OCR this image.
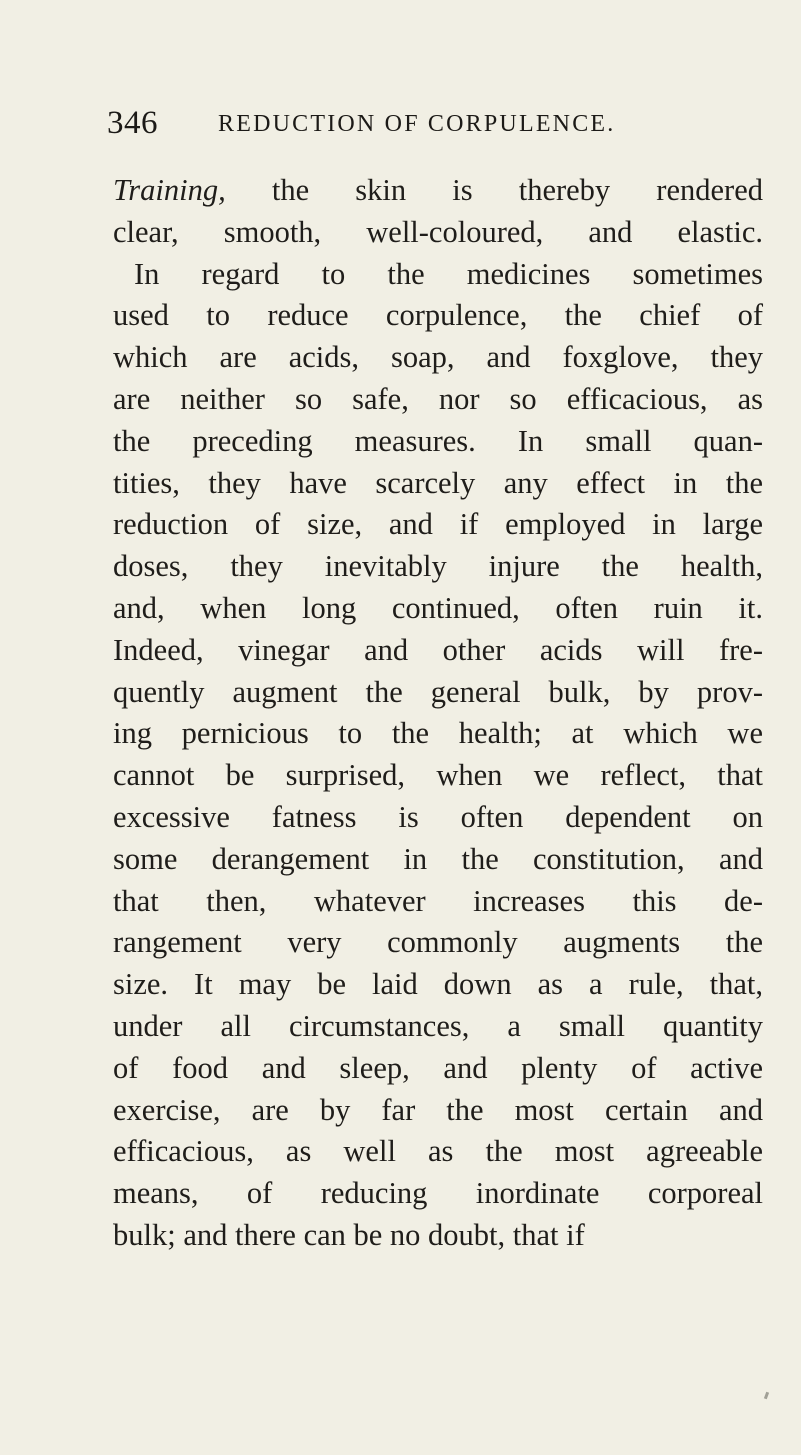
346	REDUCTION OF CORPULENCE.
Training, the skin is thereby rendered
clear, smooth, well-coloured, and elastic.
In regard to the medicines sometimes
used to reduce corpulence, the chief of
which are acids, soap, and foxglove, they
are neither so safe, nor so efficacious, as
the preceding measures. In small quan-
tities, they have scarcely any effect in the
reduction of size, and if employed in large
doses, they inevitably injure the health,
and, when long continued, often ruin it.
Indeed, vinegar and other acids will fre-
quently augment the general bulk, by prov-
ing pernicious to the health; at which we
cannot be surprised, when we reflect, that
excessive fatness is often dependent on
some derangement in the constitution, and
that then, whatever increases this de-
rangement very commonly augments the
size. It may be laid down as a rule, that,
under all circumstances, a small quantity
of food and sleep, and plenty of active
exercise, are by far the most certain and
efficacious, as well as the most agreeable
means, of reducing inordinate corporeal
bulk; and there can be no doubt, that if
